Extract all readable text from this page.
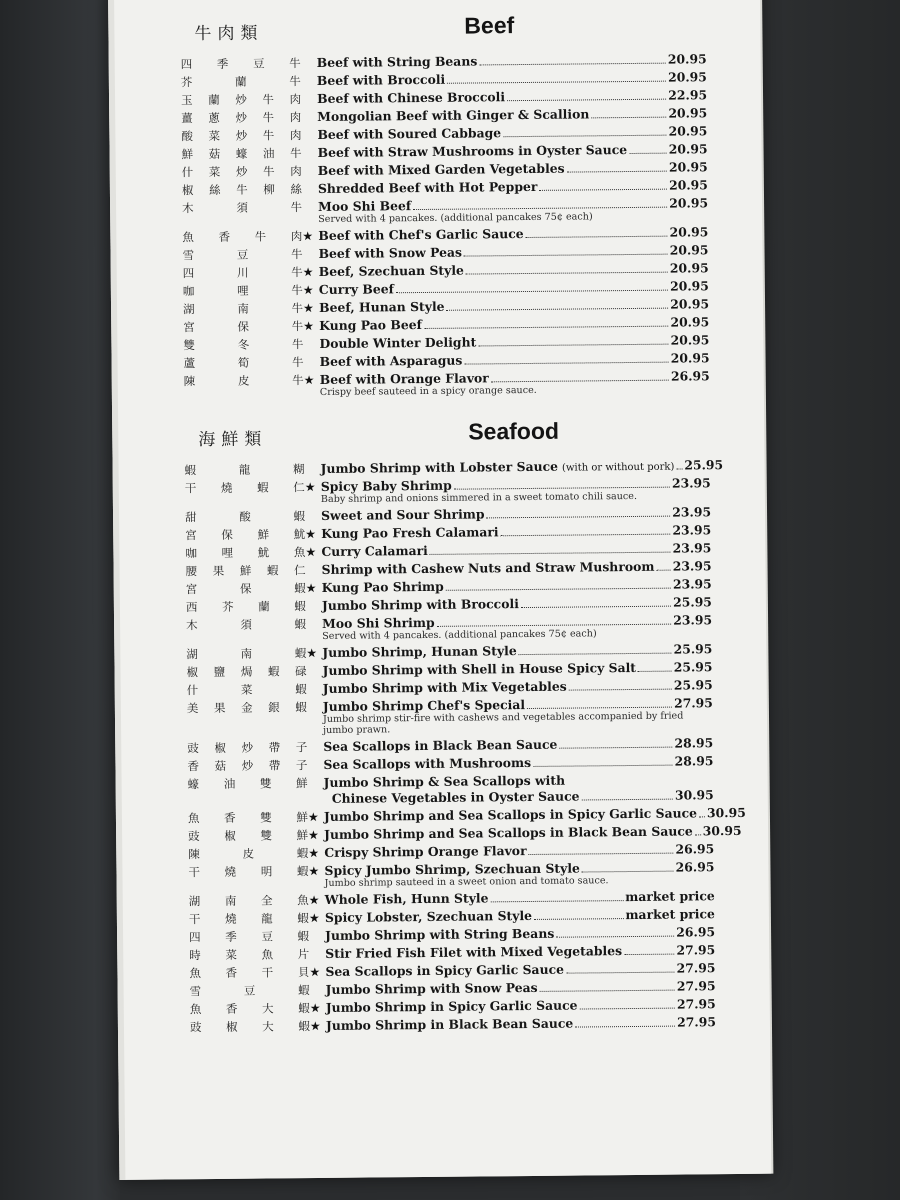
牛肉類	Beef
四 季 豆 牛 Beef with String Beans	20.95
芥	蘭	牛 Beef with Broccoli	20.95
玉 蘭 炒 牛 肉 Beef with Chinese Broccoli	22.95
薑 蔥 炒 牛 肉 Mongolian Beef with Ginger & Scallion	20.95
酸 菜 炒 牛 肉 Beef with Soured Cabbage	20.95
鮮 菇 蠔 油 牛 Beef with Straw Mushrooms in Oyster Sauce	20.95
什 菜 炒 牛 肉 Beef with Mixed Garden Vegetables	20.95
椒 絲 牛 柳 絲 Shredded Beef with Hot Pepper	20.95
木	須	牛 Moo Shi Beef	20.95
Served with 4 pancakes. (additional pancakes 75¢ each)
魚 香 牛 肉 ★ Beef with Chef's Garlic Sauce	20.95
雪	豆	牛 Beef with Snow Peas	20.95
四	川	牛 ★ Beef, Szechuan Style	20.95
咖	哩	牛 ★ Curry Beef	20.95
湖	南	牛 ★ Beef, Hunan Style	20.95
宮	保	牛 ★ Kung Pao Beef	20.95
雙	冬	牛 Double Winter Delight	20.95
蘆	筍	牛 Beef with Asparagus	20.95
陳	皮	牛 ★ Beef with Orange Flavor	26.95
Crispy beef sauteed in a spicy orange sauce.
海鮮類	Seafood
蝦	龍	糊 Jumbo Shrimp with Lobster Sauce (with or without pork) 25.95
干 燒 蝦 仁 ★ Spicy Baby Shrimp	23.95
Baby shrimp and onions simmered in a sweet tomato chili sauce.
甜	酸	蝦 Sweet and Sour Shrimp	23.95
宮 保 鮮 魷 ★ Kung Pao Fresh Calamari	23.95
咖 哩 魷 魚 ★ Curry Calamari	23.95
腰 果 鮮 蝦 仁 Shrimp with Cashew Nuts and Straw Mushroom 23.95
宮	保	蝦 ★ Kung Pao Shrimp	23.95
西 芥 蘭 蝦 Jumbo Shrimp with Broccoli	25.95
木	須	蝦 Moo Shi Shrimp	23.95
Served with 4 pancakes. (additional pancakes 75¢ each)
湖	南	蝦 ★ Jumbo Shrimp, Hunan Style	25.95
椒 鹽 焗 蝦 碌 Jumbo Shrimp with Shell in House Spicy Salt	25.95
什	菜	蝦 Jumbo Shrimp with Mix Vegetables	25.95
美 果 金 銀 蝦 Jumbo Shrimp Chef's Special	27.95
Jumbo shrimp stir-fire with cashews and vegetables accompanied by fried jumbo prawn.
豉 椒 炒 帶 子 Sea Scallops in Black Bean Sauce	28.95
香 菇 炒 帶 子 Sea Scallops with Mushrooms	28.95
蠔 油 雙 鮮 Jumbo Shrimp & Sea Scallops with
Chinese Vegetables in Oyster Sauce	30.95
魚 香 雙 鮮 ★ Jumbo Shrimp and Sea Scallops in Spicy Garlic Sauce 30.95
豉 椒 雙 鮮 ★ Jumbo Shrimp and Sea Scallops in Black Bean Sauce 30.95
陳	皮	蝦 ★ Crispy Shrimp Orange Flavor	26.95
干 燒 明 蝦 ★ Spicy Jumbo Shrimp, Szechuan Style	26.95
Jumbo shrimp sauteed in a sweet onion and tomato sauce.
湖 南 全 魚 ★ Whole Fish, Hunn Style	market price
干 燒 龍 蝦 ★ Spicy Lobster, Szechuan Style	market price
四 季 豆 蝦 Jumbo Shrimp with String Beans	26.95
時 菜 魚 片 Stir Fried Fish Filet with Mixed Vegetables	27.95
魚 香 干 貝 ★ Sea Scallops in Spicy Garlic Sauce	27.95
雪	豆	蝦 Jumbo Shrimp with Snow Peas	27.95
魚 香 大 蝦 ★ Jumbo Shrimp in Spicy Garlic Sauce	27.95
豉 椒 大 蝦 ★ Jumbo Shrimp in Black Bean Sauce	27.95
